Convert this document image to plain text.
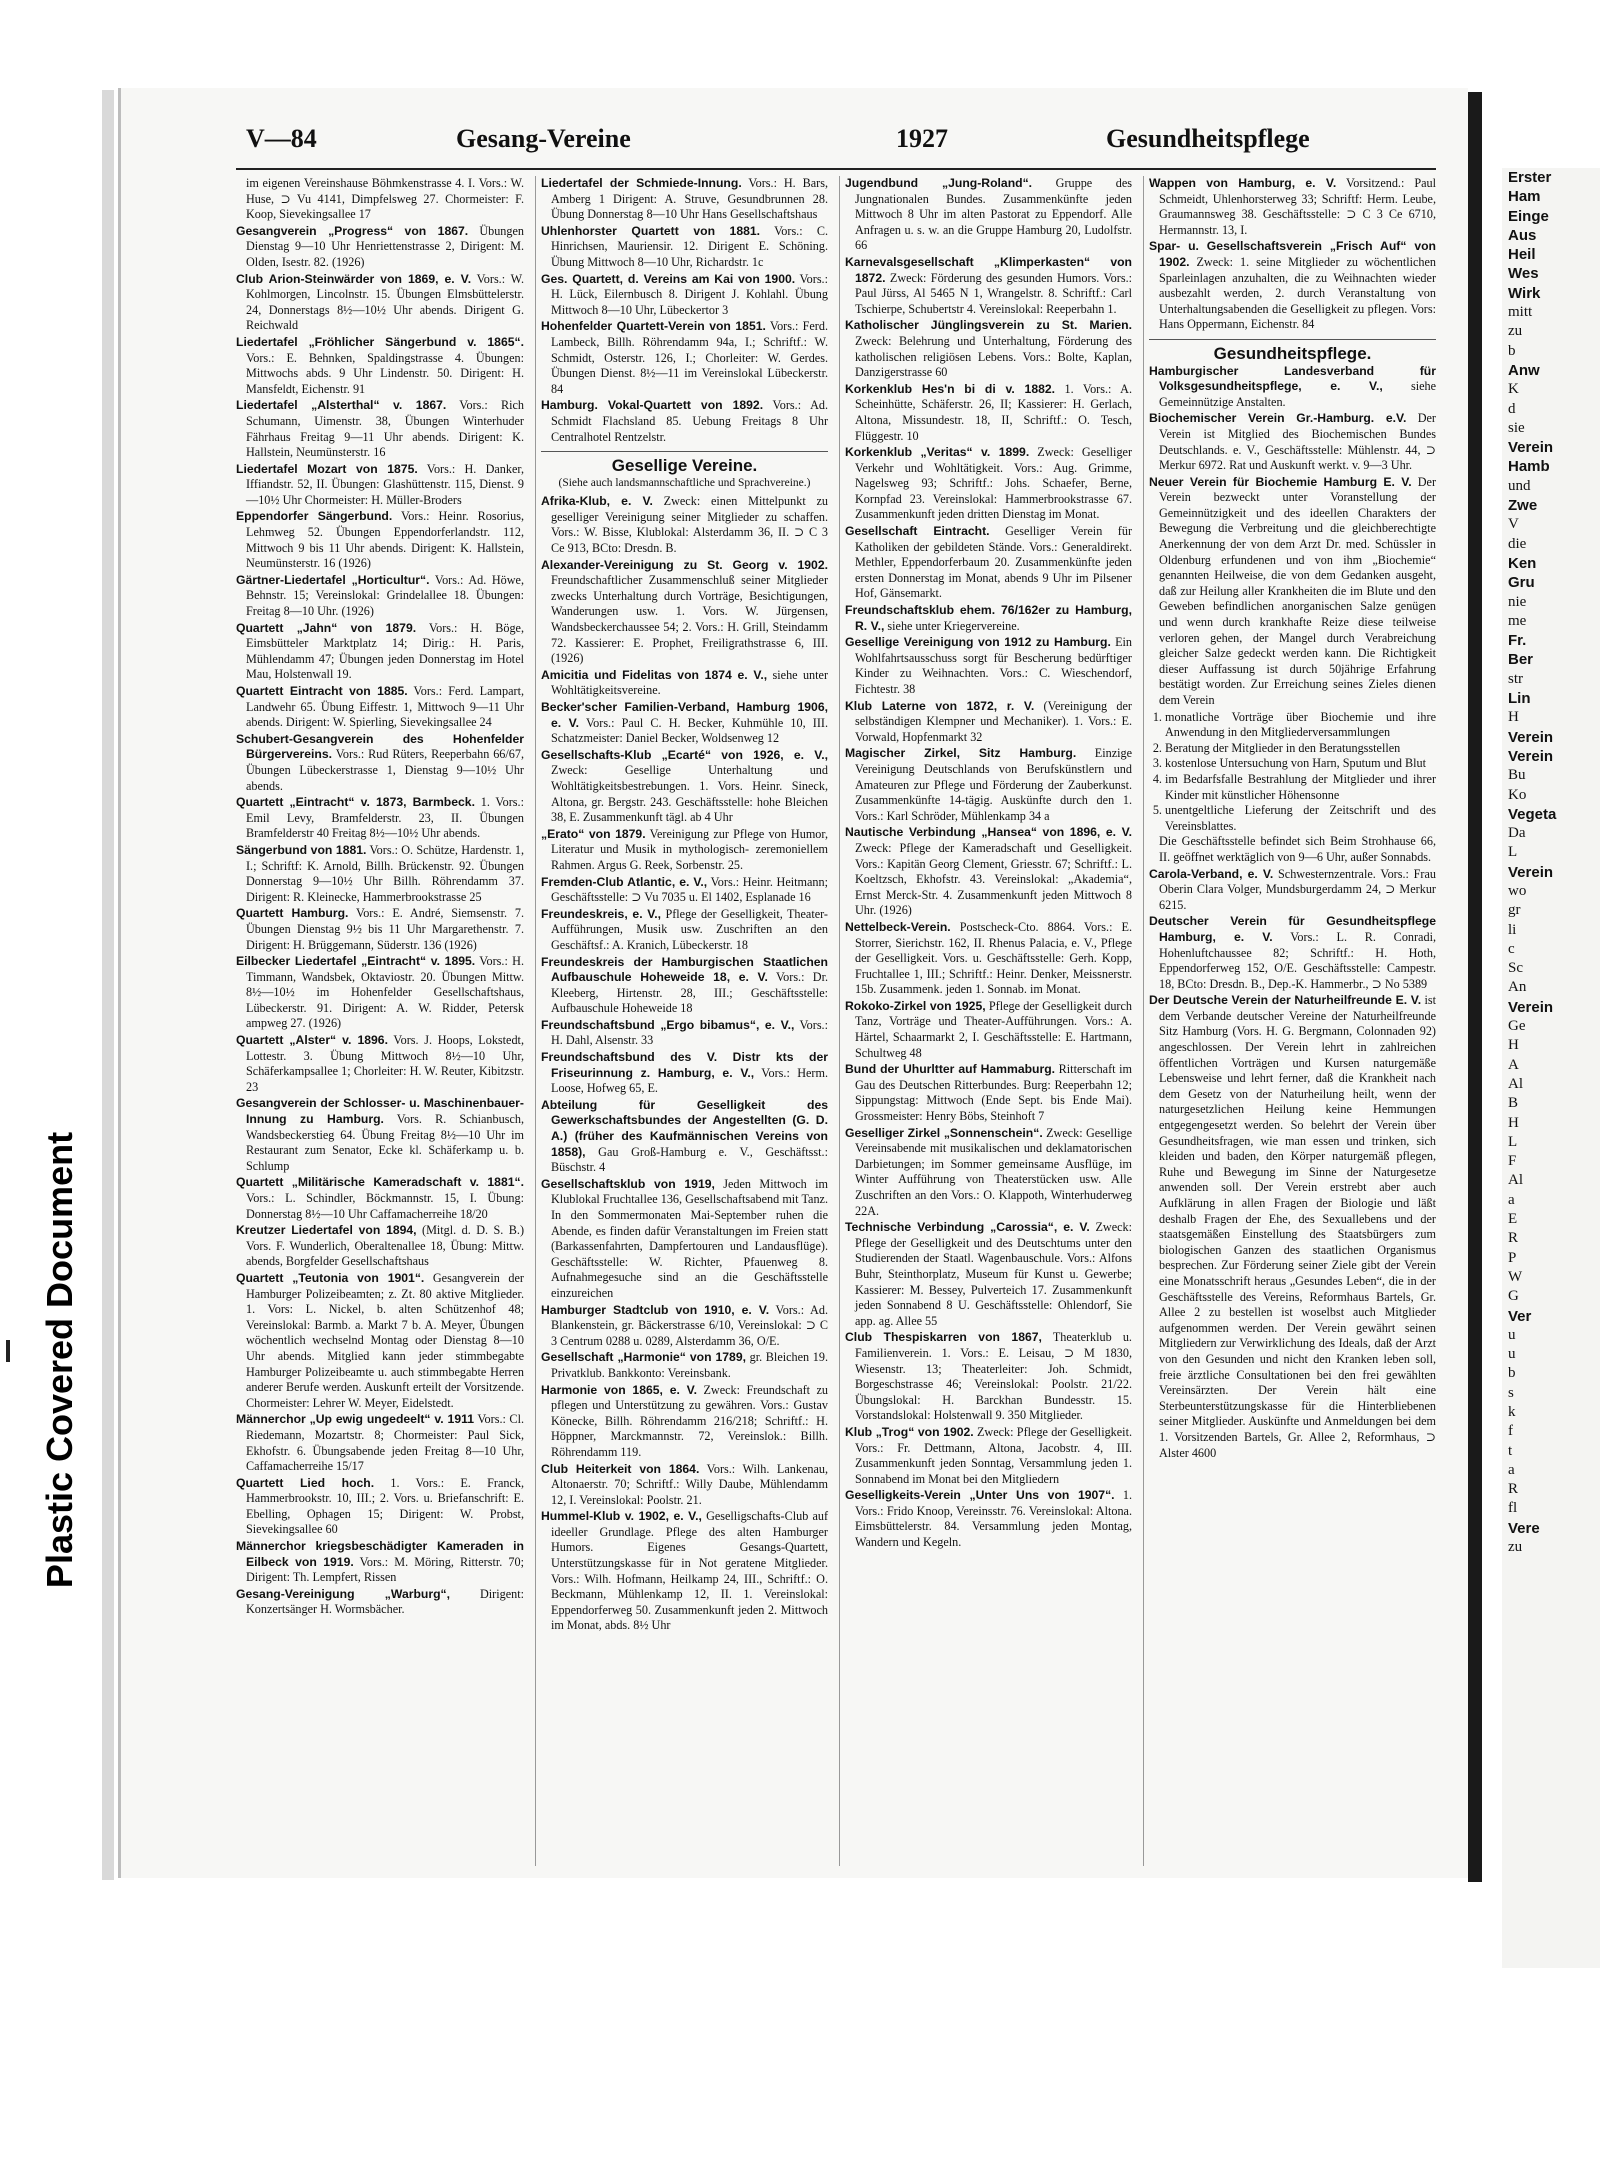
Plastic Covered Document
V—84	Gesang-Vereine	1927	Gesundheitspflege

im eigenen Vereinshause Böhmkenstrasse 4. I. Vors.: W. Huse, ⊃ Vu 4141, Dimpfelsweg 27. Chormeister: F. Koop, Sievekingsallee 17

Gesangverein „Progress“ von 1867. Übungen Dienstag 9—10 Uhr Henriettenstrasse 2, Dirigent: M. Olden, Isestr. 82. (1926)

Club Arion-Steinwärder von 1869, e. V. Vors.: W. Kohlmorgen, Lincolnstr. 15. Übungen Elmsbüttelerstr. 24, Donnerstags 8½—10½ Uhr abends. Dirigent G. Reichwald

Liedertafel „Fröhlicher Sängerbund v. 1865“. Vors.: E. Behnken, Spaldingstrasse 4. Übungen: Mittwochs abds. 9 Uhr Lindenstr. 50. Dirigent: H. Mansfeldt, Eichenstr. 91

Liedertafel „Alsterthal“ v. 1867. Vors.: Rich Schumann, Uimenstr. 38, Übungen Winterhuder Fährhaus Freitag 9—11 Uhr abends. Dirigent: K. Hallstein, Neumünsterstr. 16

Liedertafel Mozart von 1875. Vors.: H. Danker, Iffiandstr. 52, II. Übungen: Glashüttenstr. 115, Dienst. 9—10½ Uhr Chormeister: H. Müller-Broders

Eppendorfer Sängerbund. Vors.: Heinr. Rosorius, Lehmweg 52. Übungen Eppendorferlandstr. 112, Mittwoch 9 bis 11 Uhr abends. Dirigent: K. Hallstein, Neumünsterstr. 16 (1926)

Gärtner-Liedertafel „Horticultur“. Vors.: Ad. Höwe, Behnstr. 15; Vereinslokal: Grindelallee 18. Übungen: Freitag 8—10 Uhr. (1926)

Quartett „Jahn“ von 1879. Vors.: H. Böge, Eimsbütteler Marktplatz 14; Dirig.: H. Paris, Mühlendamm 47; Übungen jeden Donnerstag im Hotel Mau, Holstenwall 19.

Quartett Eintracht von 1885. Vors.: Ferd. Lampart, Landwehr 65. Übung Eiffestr. 1, Mittwoch 9—11 Uhr abends. Dirigent: W. Spierling, Sievekingsallee 24

Schubert-Gesangverein des Hohenfelder Bürgervereins. Vors.: Rud Rüters, Reeperbahn 66/67, Übungen Lübeckerstrasse 1, Dienstag 9—10½ Uhr abends.

Quartett „Eintracht“ v. 1873, Barmbeck. 1. Vors.: Emil Levy, Bramfelderstr. 23, II. Übungen Bramfelderstr 40 Freitag 8½—10½ Uhr abends.

Sängerbund von 1881. Vors.: O. Schütze, Hardenstr. 1, I.; Schriftf: K. Arnold, Billh. Brückenstr. 92. Übungen Donnerstag 9—10½ Uhr Billh. Röhrendamm 37. Dirigent: R. Kleinecke, Hammerbrookstrasse 25

Quartett Hamburg. Vors.: E. André, Siemsenstr. 7. Übungen Dienstag 9½ bis 11 Uhr Margarethenstr. 7. Dirigent: H. Brüggemann, Süderstr. 136 (1926)

Eilbecker Liedertafel „Eintracht“ v. 1895. Vors.: H. Timmann, Wandsbek, Oktaviostr. 20. Übungen Mittw. 8½—10½ im Hohenfelder Gesellschaftshaus, Lübeckerstr. 91. Dirigent: A. W. Ridder, Petersk ampweg 27. (1926)

Quartett „Alster“ v. 1896. Vors. J. Hoops, Lokstedt, Lottestr. 3. Übung Mittwoch 8½—10 Uhr, Schäferkampsallee 1; Chorleiter: H. W. Reuter, Kibitzstr. 23

Gesangverein der Schlosser- u. Maschinenbauer-Innung zu Hamburg. Vors. R. Schianbusch, Wandsbeckerstieg 64. Übung Freitag 8½—10 Uhr im Restaurant zum Senator, Ecke kl. Schäferkamp u. b. Schlump

Quartett „Militärische Kameradschaft v. 1881“. Vors.: L. Schindler, Böckmannstr. 15, I. Übung: Donnerstag 8½—10 Uhr Caffamacherreihe 18/20

Kreutzer Liedertafel von 1894, (Mitgl. d. D. S. B.) Vors. F. Wunderlich, Oberaltenallee 18, Übung: Mittw. abends, Borgfelder Gesellschaftshaus

Quartett „Teutonia von 1901“. Gesangverein der Hamburger Polizeibeamten; z. Zt. 80 aktive Mitglieder. 1. Vors: L. Nickel, b. alten Schützenhof 48; Vereinslokal: Barmb. a. Markt 7 b. A. Meyer, Übungen wöchentlich wechselnd Montag oder Dienstag 8—10 Uhr abends. Mitglied kann jeder stimmbegabte Hamburger Polizeibeamte u. auch stimmbegabte Herren anderer Berufe werden. Auskunft erteilt der Vorsitzende. Chormeister: Lehrer W. Meyer, Eidelstedt.

Männerchor „Up ewig ungedeelt“ v. 1911 Vors.: Cl. Riedemann, Mozartstr. 8; Chormeister: Paul Sick, Ekhofstr. 6. Übungsabende jeden Freitag 8—10 Uhr, Caffamacherreihe 15/17

Quartett Lied hoch. 1. Vors.: E. Franck, Hammerbrookstr. 10, III.; 2. Vors. u. Briefanschrift: E. Ebelling, Ophagen 15; Dirigent: W. Probst, Sievekingsallee 60

Männerchor kriegsbeschädigter Kameraden in Eilbeck von 1919. Vors.: M. Möring, Ritterstr. 70; Dirigent: Th. Lempfert, Rissen

Gesang-Vereinigung „Warburg“, Dirigent: Konzertsänger H. Wormsbächer.

Liedertafel der Schmiede-Innung. Vors.: H. Bars, Amberg 1 Dirigent: A. Struve, Gesundbrunnen 28. Übung Donnerstag 8—10 Uhr Hans Gesellschaftshaus

Uhlenhorster Quartett von 1881. Vors.: C. Hinrichsen, Mauriensir. 12. Dirigent E. Schöning. Übung Mittwoch 8—10 Uhr, Richardstr. 1c

Ges. Quartett, d. Vereins am Kai von 1900. Vors.: H. Lück, Eilernbusch 8. Dirigent J. Kohlahl. Übung Mittwoch 8—10 Uhr, Lübeckertor 3

Hohenfelder Quartett-Verein von 1851. Vors.: Ferd. Lambeck, Billh. Röhrendamm 94a, I.; Schriftf.: W. Schmidt, Osterstr. 126, I.; Chorleiter: W. Gerdes. Übungen Dienst. 8½—11 im Vereinslokal Lübeckerstr. 84

Hamburg. Vokal-Quartett von 1892. Vors.: Ad. Schmidt Flachsland 85. Uebung Freitags 8 Uhr Centralhotel Rentzelstr.

Gesellige Vereine.
(Siehe auch landsmannschaftliche und Sprachvereine.)

Afrika-Klub, e. V. Zweck: einen Mittelpunkt zu geselliger Vereinigung seiner Mitglieder zu schaffen. Vors.: W. Bisse, Klublokal: Alsterdamm 36, II. ⊃ C 3 Ce 913, BCto: Dresdn. B.

Alexander-Vereinigung zu St. Georg v. 1902. Freundschaftlicher Zusammenschluß seiner Mitglieder zwecks Unterhaltung durch Vorträge, Besichtigungen, Wanderungen usw. 1. Vors. W. Jürgensen, Wandsbeckerchaussee 54; 2. Vors.: H. Grill, Steindamm 72. Kassierer: E. Prophet, Freiligrathstrasse 6, III. (1926)

Amicitia und Fidelitas von 1874 e. V., siehe unter Wohltätigkeitsvereine.

Becker'scher Familien-Verband, Hamburg 1906, e. V. Vors.: Paul C. H. Becker, Kuhmühle 10, III. Schatzmeister: Daniel Becker, Woldsenweg 12

Gesellschafts-Klub „Ecarté“ von 1926, e. V., Zweck: Gesellige Unterhaltung und Wohltätigkeitsbestrebungen. 1. Vors. Heinr. Sineck, Altona, gr. Bergstr. 243. Geschäftsstelle: hohe Bleichen 38, E. Zusammenkunft tägl. ab 4 Uhr

„Erato“ von 1879. Vereinigung zur Pflege von Humor, Literatur und Musik in mythologisch- zeremoniellem Rahmen. Argus G. Reek, Sorbenstr. 25.

Fremden-Club Atlantic, e. V., Vors.: Heinr. Heitmann; Geschäftsstelle: ⊃ Vu 7035 u. El 1402, Esplanade 16

Freundeskreis, e. V., Pflege der Geselligkeit, Theater-Aufführungen, Musik usw. Zuschriften an den Geschäftsf.: A. Kranich, Lübeckerstr. 18

Freundeskreis der Hamburgischen Staatlichen Aufbauschule Hoheweide 18, e. V. Vors.: Dr. Kleeberg, Hirtenstr. 28, III.; Geschäftsstelle: Aufbauschule Hoheweide 18

Freundschaftsbund „Ergo bibamus“, e. V., Vors.: H. Dahl, Alsenstr. 33

Freundschaftsbund des V. Distr kts der Friseurinnung z. Hamburg, e. V., Vors.: Herm. Loose, Hofweg 65, E.

Abteilung für Geselligkeit des Gewerkschaftsbundes der Angestellten (G. D. A.) (früher des Kaufmännischen Vereins von 1858), Gau Groß-Hamburg e. V., Geschäftsst.: Büschstr. 4

Gesellschaftsklub von 1919, Jeden Mittwoch im Klublokal Fruchtallee 136, Gesellschaftsabend mit Tanz. In den Sommermonaten Mai-September ruhen die Abende, es finden dafür Veranstaltungen im Freien statt (Barkassenfahrten, Dampfertouren und Landausflüge). Geschäftsstelle: W. Richter, Pfauenweg 8. Aufnahmegesuche sind an die Geschäftsstelle einzureichen

Hamburger Stadtclub von 1910, e. V. Vors.: Ad. Blankenstein, gr. Bäckerstrasse 6/10, Vereinslokal: ⊃ C 3 Centrum 0288 u. 0289, Alsterdamm 36, O/E.

Gesellschaft „Harmonie“ von 1789, gr. Bleichen 19. Privatklub. Bankkonto: Vereinsbank.

Harmonie von 1865, e. V. Zweck: Freundschaft zu pflegen und Unterstützung zu gewähren. Vors.: Gustav Könecke, Billh. Röhrendamm 216/218; Schriftf.: H. Höppner, Marckmannstr. 72, Vereinslok.: Billh. Röhrendamm 119.

Club Heiterkeit von 1864. Vors.: Wilh. Lankenau, Altonaerstr. 70; Schriftf.: Willy Daube, Mühlendamm 12, I. Vereinslokal: Poolstr. 21.

Hummel-Klub v. 1902, e. V., Geselligschafts-Club auf ideeller Grundlage. Pflege des alten Hamburger Humors. Eigenes Gesangs-Quartett, Unterstützungskasse für in Not geratene Mitglieder. Vors.: Wilh. Hofmann, Heilkamp 24, III., Schriftf.: O. Beckmann, Mühlenkamp 12, II. 1. Vereinslokal: Eppendorferweg 50. Zusammenkunft jeden 2. Mittwoch im Monat, abds. 8½ Uhr

Jugendbund „Jung-Roland“. Gruppe des Jungnationalen Bundes. Zusammenkünfte jeden Mittwoch 8 Uhr im alten Pastorat zu Eppendorf. Alle Anfragen u. s. w. an die Gruppe Hamburg 20, Ludolfstr. 66

Karnevalsgesellschaft „Klimperkasten“ von 1872. Zweck: Förderung des gesunden Humors. Vors.: Paul Jürss, Al 5465 N 1, Wrangelstr. 8. Schriftf.: Carl Tschierpe, Schubertstr 4. Vereinslokal: Reeperbahn 1.

Katholischer Jünglingsverein zu St. Marien. Zweck: Belehrung und Unterhaltung, Förderung des katholischen religiösen Lebens. Vors.: Bolte, Kaplan, Danzigerstrasse 60

Korkenklub Hes'n bi di v. 1882. 1. Vors.: A. Scheinhütte, Schäferstr. 26, II; Kassierer: H. Gerlach, Altona, Missundestr. 18, II, Schriftf.: O. Tesch, Flüggestr. 10

Korkenklub „Veritas“ v. 1899. Zweck: Geselliger Verkehr und Wohltätigkeit. Vors.: Aug. Grimme, Nagelsweg 93; Schriftf.: Johs. Schaefer, Berne, Kornpfad 23. Vereinslokal: Hammerbrookstrasse 67. Zusammenkunft jeden dritten Dienstag im Monat.

Gesellschaft Eintracht. Geselliger Verein für Katholiken der gebildeten Stände. Vors.: Generaldirekt. Methler, Eppendorferbaum 20. Zusammenkünfte jeden ersten Donnerstag im Monat, abends 9 Uhr im Pilsener Hof, Gänsemarkt.

Freundschaftsklub ehem. 76/162er zu Hamburg, R. V., siehe unter Kriegervereine.

Gesellige Vereinigung von 1912 zu Hamburg. Ein Wohlfahrtsausschuss sorgt für Bescherung bedürftiger Kinder zu Weihnachten. Vors.: C. Wieschendorf, Fichtestr. 38

Klub Laterne von 1872, r. V. (Vereinigung der selbständigen Klempner und Mechaniker). 1. Vors.: E. Vorwald, Hopfenmarkt 32

Magischer Zirkel, Sitz Hamburg. Einzige Vereinigung Deutschlands von Berufskünstlern und Amateuren zur Pflege und Förderung der Zauberkunst. Zusammenkünfte 14-tägig. Auskünfte durch den 1. Vors.: Karl Schröder, Mühlenkamp 34 a

Nautische Verbindung „Hansea“ von 1896, e. V. Zweck: Pflege der Kameradschaft und Geselligkeit. Vors.: Kapitän Georg Clement, Griesstr. 67; Schriftf.: L. Koeltzsch, Ekhofstr. 43. Vereinslokal: „Akademia“, Ernst Merck-Str. 4. Zusammenkunft jeden Mittwoch 8 Uhr. (1926)

Nettelbeck-Verein. Postscheck-Cto. 8864. Vors.: E. Storrer, Sierichstr. 162, II. Rhenus Palacia, e. V., Pflege der Geselligkeit. Vors. u. Geschäftsstelle: Gerh. Kopp, Fruchtallee 1, III.; Schriftf.: Heinr. Denker, Meissnerstr. 15b. Zusammenk. jeden 1. Sonnab. im Monat.

Rokoko-Zirkel von 1925, Pflege der Geselligkeit durch Tanz, Vorträge und Theater-Aufführungen. Vors.: A. Härtel, Schaarmarkt 2, I. Geschäftsstelle: E. Hartmann, Schultweg 48

Bund der Uhurltter auf Hammaburg. Ritterschaft im Gau des Deutschen Ritterbundes. Burg: Reeperbahn 12; Sippungstag: Mittwoch (Ende Sept. bis Ende Mai). Grossmeister: Henry Böbs, Steinhoft 7

Geselliger Zirkel „Sonnenschein“. Zweck: Gesellige Vereinsabende mit musikalischen und deklamatorischen Darbietungen; im Sommer gemeinsame Ausflüge, im Winter Aufführung von Theaterstücken usw. Alle Zuschriften an den Vors.: O. Klappoth, Winterhuderweg 22A.

Technische Verbindung „Carossia“, e. V. Zweck: Pflege der Geselligkeit und des Deutschtums unter den Studierenden der Staatl. Wagenbauschule. Vors.: Alfons Buhr, Steinthorplatz, Museum für Kunst u. Gewerbe; Kassierer: M. Bessey, Pulverteich 17. Zusammenkunft jeden Sonnabend 8 U. Geschäftsstelle: Ohlendorf, Sie app. ag. Allee 55

Club Thespiskarren von 1867, Theaterklub u. Familienverein. 1. Vors.: E. Leisau, ⊃ M 1830, Wiesenstr. 13; Theaterleiter: Joh. Schmidt, Borgeschstrasse 46; Vereinslokal: Poolstr. 21/22. Übungslokal: H. Barckhan Bundesstr. 15. Vorstandslokal: Holstenwall 9. 350 Mitglieder.

Klub „Trog“ von 1902. Zweck: Pflege der Geselligkeit. Vors.: Fr. Dettmann, Altona, Jacobstr. 4, III. Zusammenkunft jeden Sonntag, Versammlung jeden 1. Sonnabend im Monat bei den Mitgliedern

Geselligkeits-Verein „Unter Uns von 1907“. 1. Vors.: Frido Knoop, Vereinsstr. 76. Vereinslokal: Altona. Eimsbüttelerstr. 84. Versammlung jeden Montag, Wandern und Kegeln.

Wappen von Hamburg, e. V. Vorsitzend.: Paul Schmeidt, Uhlenhorsterweg 33; Schriftf: Herm. Leube, Graumannsweg 38. Geschäftsstelle: ⊃ C 3 Ce 6710, Hermannstr. 13, I.

Spar- u. Gesellschaftsverein „Frisch Auf“ von 1902. Zweck: 1. seine Mitglieder zu wöchentlichen Sparleinlagen anzuhalten, die zu Weihnachten wieder ausbezahlt werden, 2. durch Veranstaltung von Unterhaltungsabenden die Geselligkeit zu pflegen. Vors: Hans Oppermann, Eichenstr. 84

Gesundheitspflege.

Hamburgischer Landesverband für Volksgesundheitspflege, e. V., siehe Gemeinnützige Anstalten.

Biochemischer Verein Gr.-Hamburg. e.V. Der Verein ist Mitglied des Biochemischen Bundes Deutschlands. e. V., Geschäftsstelle: Mühlenstr. 44, ⊃ Merkur 6972. Rat und Auskunft werkt. v. 9—3 Uhr.

Neuer Verein für Biochemie Hamburg E. V. Der Verein bezweckt unter Voranstellung der Gemeinnützigkeit und des ideellen Charakters der Bewegung die Verbreitung und die gleichberechtigte Anerkennung der von dem Arzt Dr. med. Schüssler in Oldenburg erfundenen und von ihm „Biochemie“ genannten Heilweise, die von dem Gedanken ausgeht, daß zur Heilung aller Krankheiten die im Blute und den Geweben befindlichen anorganischen Salze genügen und wenn durch krankhafte Reize diese teilweise verloren gehen, der Mangel durch Verabreichung gleicher Salze gedeckt werden kann. Die Richtigkeit dieser Auffassung ist durch 50jährige Erfahrung bestätigt worden. Zur Erreichung seines Zieles dienen dem Verein

1. monatliche Vorträge über Biochemie und ihre Anwendung in den Mitgliederversammlungen
2. Beratung der Mitglieder in den Beratungsstellen
3. kostenlose Untersuchung von Harn, Sputum und Blut
4. im Bedarfsfalle Bestrahlung der Mitglieder und ihrer Kinder mit künstlicher Höhensonne
5. unentgeltliche Lieferung der Zeitschrift und des Vereinsblattes.

Die Geschäftsstelle befindet sich Beim Strohhause 66, II. geöffnet werktäglich von 9—6 Uhr, außer Sonnabds.

Carola-Verband, e. V. Schwesternzentrale. Vors.: Frau Oberin Clara Volger, Mundsburgerdamm 24, ⊃ Merkur 6215.

Deutscher Verein für Gesundheitspflege Hamburg, e. V. Vors.: L. R. Conradi, Hohenluftchaussee 82; Schriftf.: H. Hoth, Eppendorferweg 152, O/E. Geschäftsstelle: Campestr. 18, BCto: Dresdn. B., Dep.-K. Hammerbr., ⊃ No 5389

Der Deutsche Verein der Naturheilfreunde E. V. ist dem Verbande deutscher Vereine der Naturheilfreunde Sitz Hamburg (Vors. H. G. Bergmann, Colonnaden 92) angeschlossen. Der Verein lehrt in zahlreichen öffentlichen Vorträgen und Kursen naturgemäße Lebensweise und lehrt ferner, daß die Krankheit nach dem Gesetz von der Naturheilung heilt, wenn der naturgesetzlichen Heilung keine Hemmungen entgegengesetzt werden. So belehrt der Verein über Gesundheitsfragen, wie man essen und trinken, sich kleiden und baden, den Körper naturgemäß pflegen, Ruhe und Bewegung im Sinne der Naturgesetze anwenden soll. Der Verein erstrebt aber auch Aufklärung in allen Fragen der Biologie und läßt deshalb Fragen der Ehe, des Sexuallebens und der staatsgemäßen Einstellung des Staatsbürgers zum biologischen Ganzen des staatlichen Organismus besprechen. Zur Förderung seiner Ziele gibt der Verein eine Monatsschrift heraus „Gesundes Leben“, die in der Geschäftsstelle des Vereins, Reformhaus Bartels, Gr. Allee 2 zu bestellen ist woselbst auch Mitglieder aufgenommen werden. Der Verein gewährt seinen Mitgliedern zur Verwirklichung des Ideals, daß der Arzt von den Gesunden und nicht den Kranken leben soll, freie ärztliche Consultationen bei den frei gewählten Vereinsärzten. Der Verein hält eine Sterbeunterstützungskasse für die Hinterbliebenen seiner Mitglieder. Auskünfte und Anmeldungen bei dem 1. Vorsitzenden Bartels, Gr. Allee 2, Reformhaus, ⊃ Alster 4600

Erster
Ham
Einge
Aus
Heil
Wes
Wirk
mitt
zu
b
Anw
K
d
sie
Verein
Hamb
und
Zwe
V
die
Ken
Gru
nie
me
Fr.
Ber
str
Lin
H
Verein
Verein
Bu
Ko
Vegeta
Da
L
Verein
wo
gr
li
c
Sc
An
Verein
Ge
H
A
Al
B
H
L
F
Al
a
E
R
P
W
G
Ver
u
u
b
s
k
f
t
a
R
fl
Vere
zu
